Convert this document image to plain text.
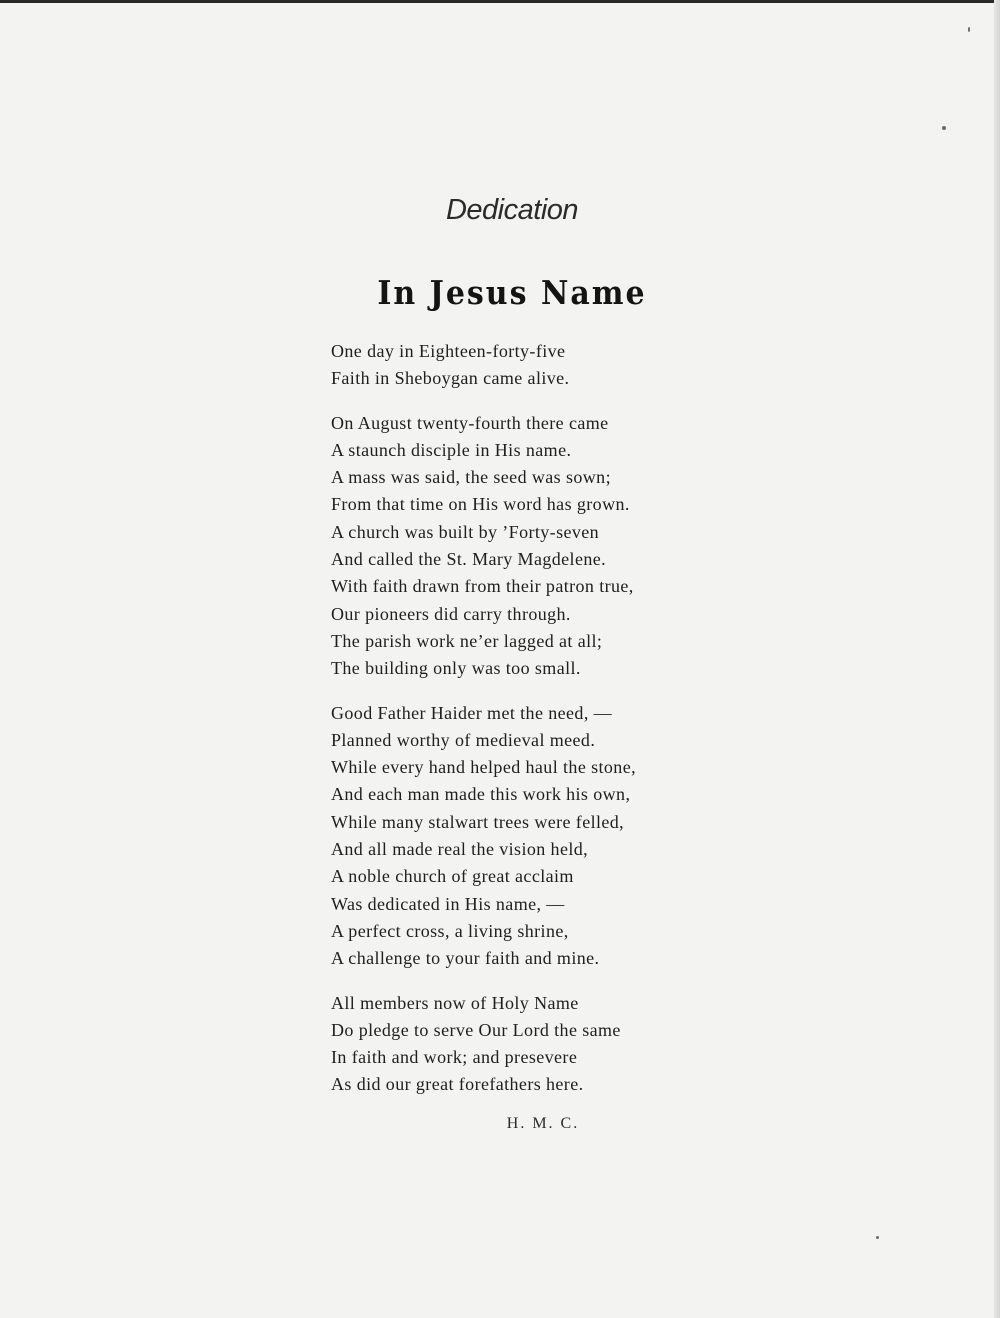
Dedication
In Jesus Name
One day in Eighteen-forty-five
Faith in Sheboygan came alive.
On August twenty-fourth there came
A staunch disciple in His name.
A mass was said, the seed was sown;
From that time on His word has grown.
A church was built by ’Forty-seven
And called the St. Mary Magdelene.
With faith drawn from their patron true,
Our pioneers did carry through.
The parish work ne’er lagged at all;
The building only was too small.
Good Father Haider met the need, —
Planned worthy of medieval meed.
While every hand helped haul the stone,
And each man made this work his own,
While many stalwart trees were felled,
And all made real the vision held,
A noble church of great acclaim
Was dedicated in His name, —
A perfect cross, a living shrine,
A challenge to your faith and mine.
All members now of Holy Name
Do pledge to serve Our Lord the same
In faith and work; and presevere
As did our great forefathers here.
H. M. C.
